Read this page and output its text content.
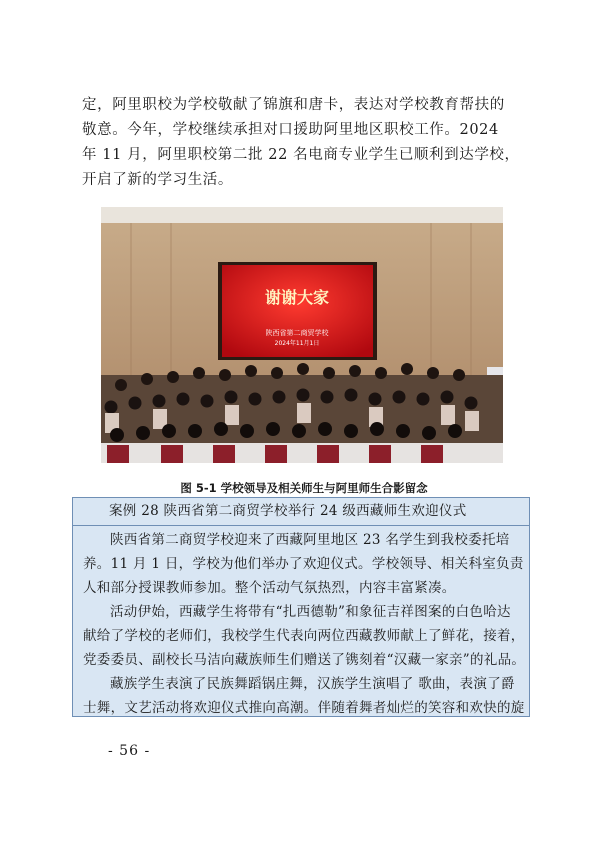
定，阿里职校为学校敬献了锦旗和唐卡，表达对学校教育帮扶的
敬意。今年，学校继续承担对口援助阿里地区职校工作。2024
年 11 月，阿里职校第二批 22 名电商专业学生已顺利到达学校，
开启了新的学习生活。
谢谢大家
陕西省第二商贸学校
2024年11月1日
图 5-1 学校领导及相关师生与阿里师生合影留念
案例 28 陕西省第二商贸学校举行 24 级西藏师生欢迎仪式
陕西省第二商贸学校迎来了西藏阿里地区 23 名学生到我校委托培
养。11 月 1 日，学校为他们举办了欢迎仪式。学校领导、相关科室负责
人和部分授课教师参加。整个活动气氛热烈，内容丰富紧凑。
活动伊始，西藏学生将带有“扎西德勒”和象征吉祥图案的白色哈达
献给了学校的老师们，我校学生代表向两位西藏教师献上了鲜花，接着，
党委委员、副校长马洁向藏族师生们赠送了镌刻着“汉藏一家亲”的礼品。
藏族学生表演了民族舞蹈锅庄舞，汉族学生演唱了 歌曲，表演了爵
士舞，文艺活动将欢迎仪式推向高潮。伴随着舞者灿烂的笑容和欢快的旋
- 56 -
